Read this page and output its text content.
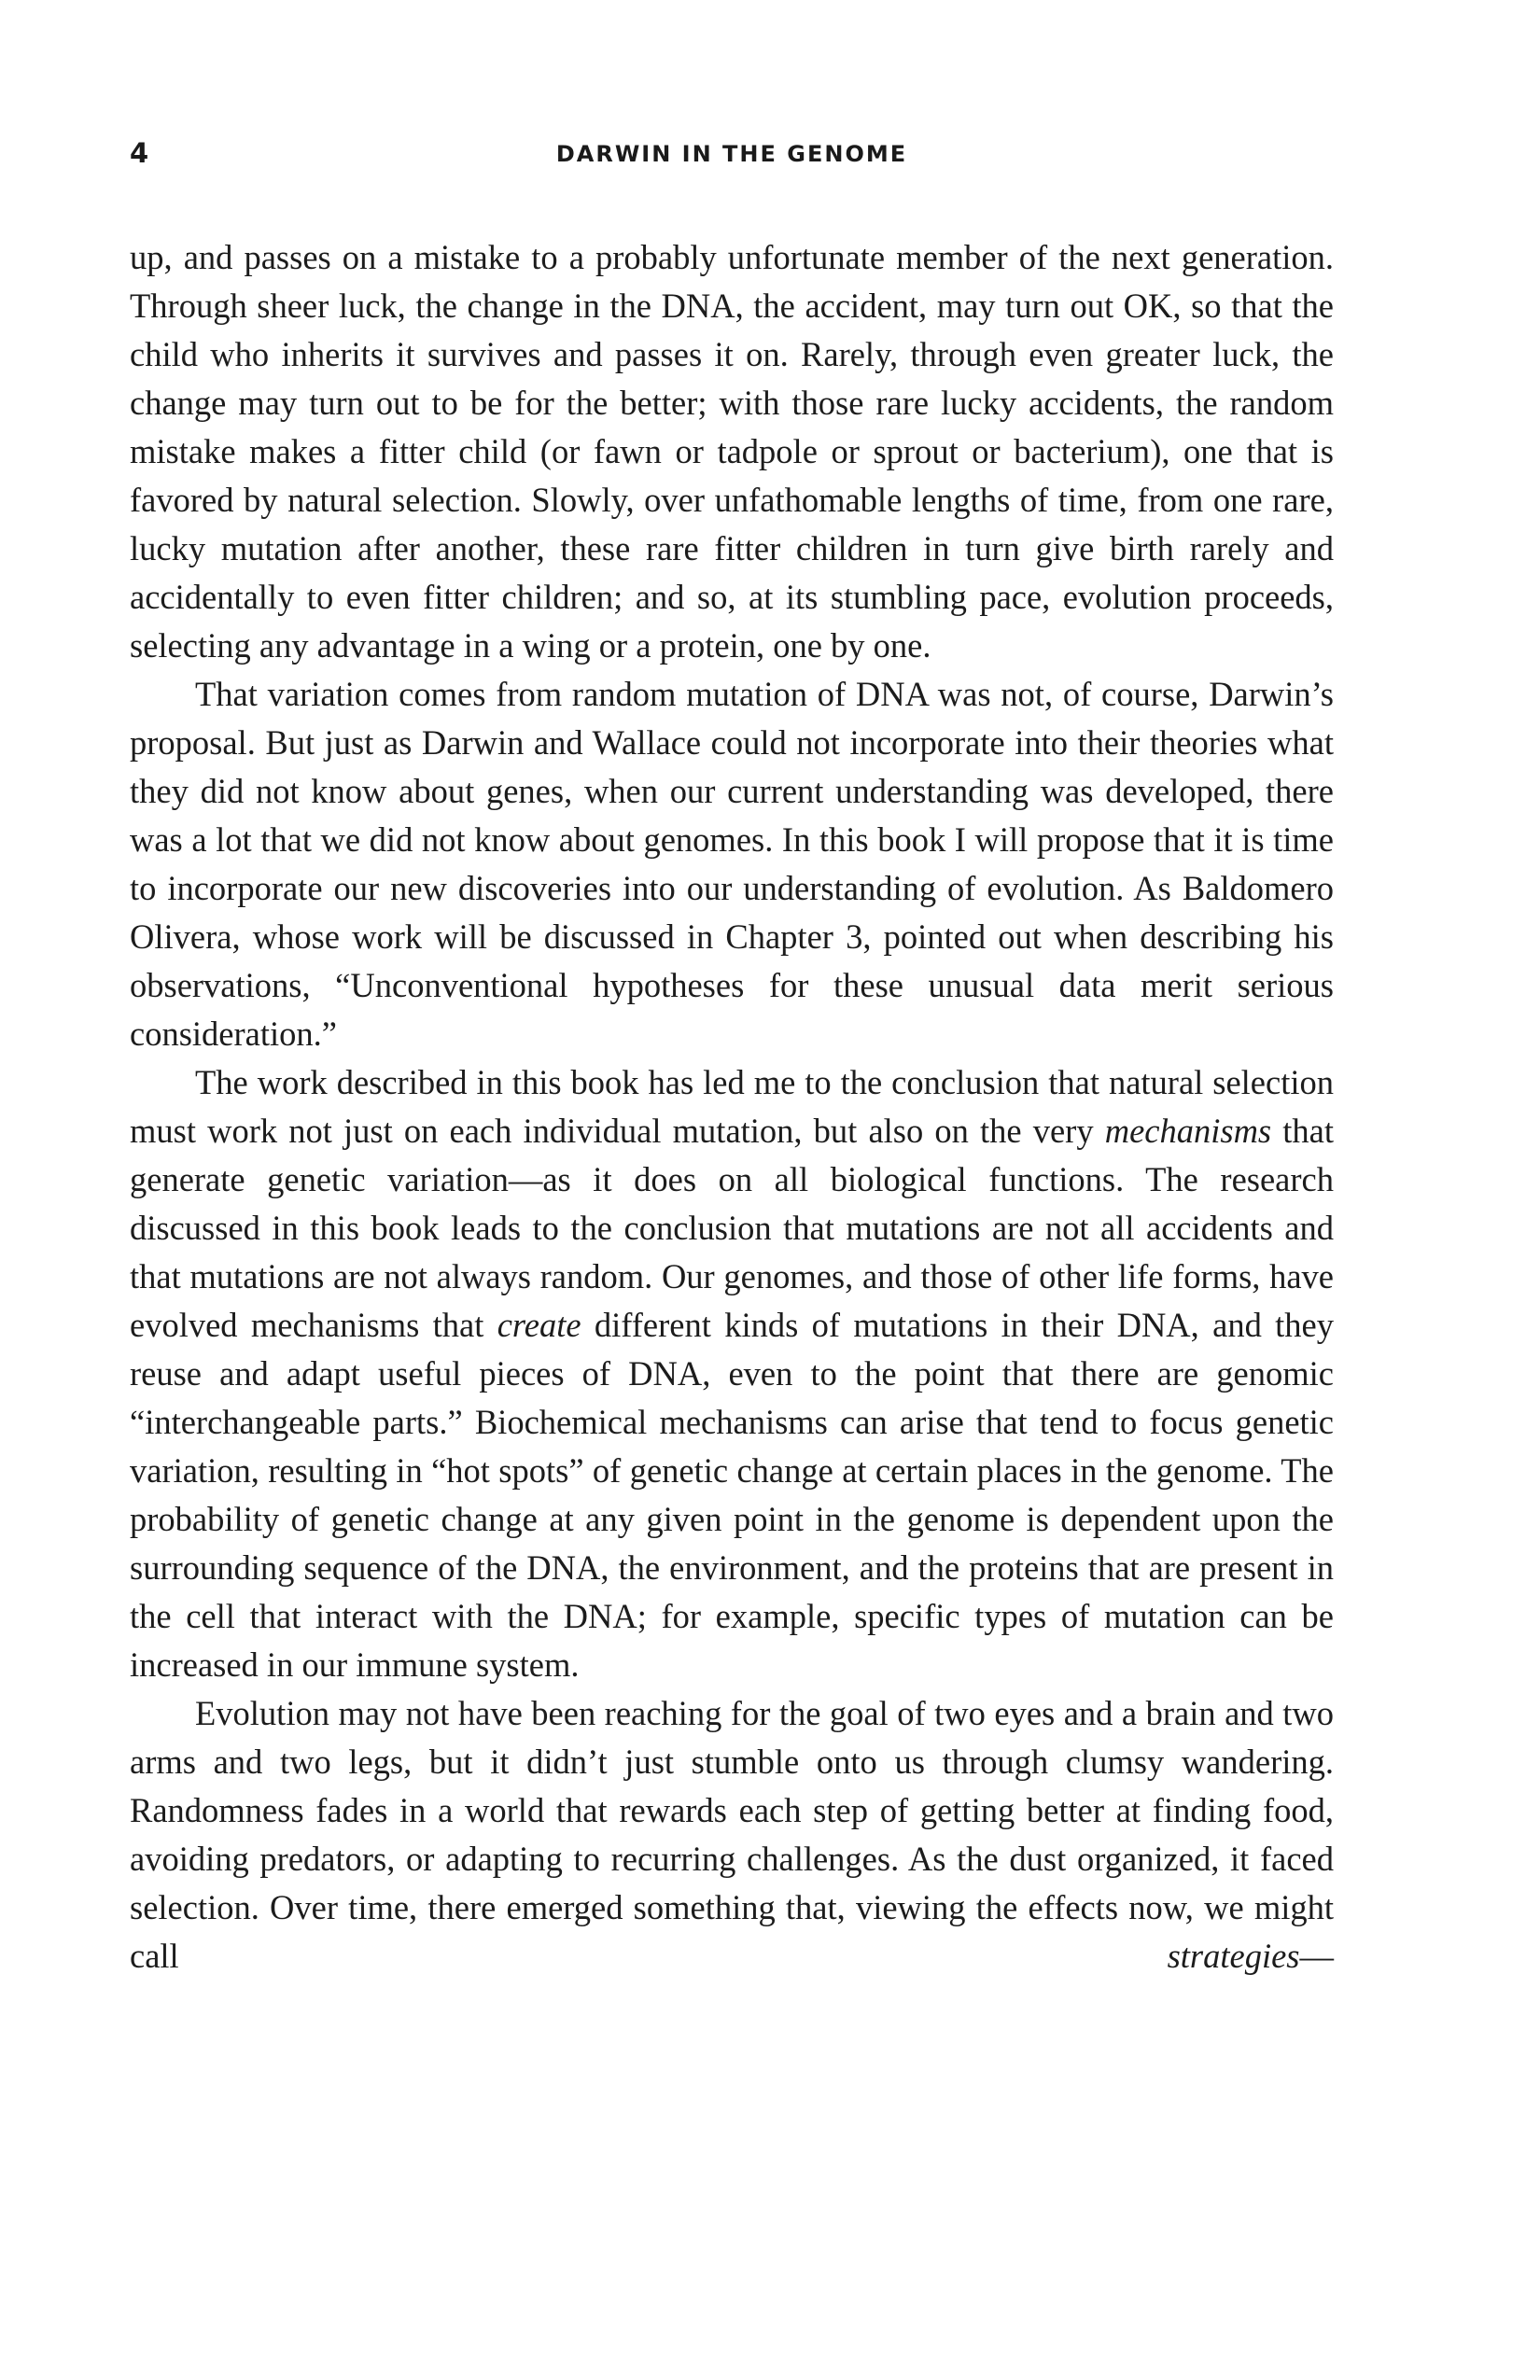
4	DARWIN IN THE GENOME

up, and passes on a mistake to a probably unfortunate member of the next generation. Through sheer luck, the change in the DNA, the accident, may turn out OK, so that the child who inherits it survives and passes it on. Rarely, through even greater luck, the change may turn out to be for the better; with those rare lucky accidents, the random mistake makes a fitter child (or fawn or tadpole or sprout or bacterium), one that is favored by natural selection. Slowly, over unfathomable lengths of time, from one rare, lucky mutation after another, these rare fitter children in turn give birth rarely and accidentally to even fitter children; and so, at its stumbling pace, evolution proceeds, selecting any advantage in a wing or a protein, one by one.

That variation comes from random mutation of DNA was not, of course, Darwin’s proposal. But just as Darwin and Wallace could not incorporate into their theories what they did not know about genes, when our current understanding was developed, there was a lot that we did not know about genomes. In this book I will propose that it is time to incorporate our new discoveries into our understanding of evolution. As Baldomero Olivera, whose work will be discussed in Chapter 3, pointed out when describing his observations, “Unconventional hypotheses for these unusual data merit serious consideration.”

The work described in this book has led me to the conclusion that natural selection must work not just on each individual mutation, but also on the very mechanisms that generate genetic variation—as it does on all biological functions. The research discussed in this book leads to the conclusion that mutations are not all accidents and that mutations are not always random. Our genomes, and those of other life forms, have evolved mechanisms that create different kinds of mutations in their DNA, and they reuse and adapt useful pieces of DNA, even to the point that there are genomic “interchangeable parts.” Biochemical mechanisms can arise that tend to focus genetic variation, resulting in “hot spots” of genetic change at certain places in the genome. The probability of genetic change at any given point in the genome is dependent upon the surrounding sequence of the DNA, the environment, and the proteins that are present in the cell that interact with the DNA; for example, specific types of mutation can be increased in our immune system.

Evolution may not have been reaching for the goal of two eyes and a brain and two arms and two legs, but it didn’t just stumble onto us through clumsy wandering. Randomness fades in a world that rewards each step of getting better at finding food, avoiding predators, or adapting to recurring challenges. As the dust organized, it faced selection. Over time, there emerged something that, viewing the effects now, we might call strategies—
